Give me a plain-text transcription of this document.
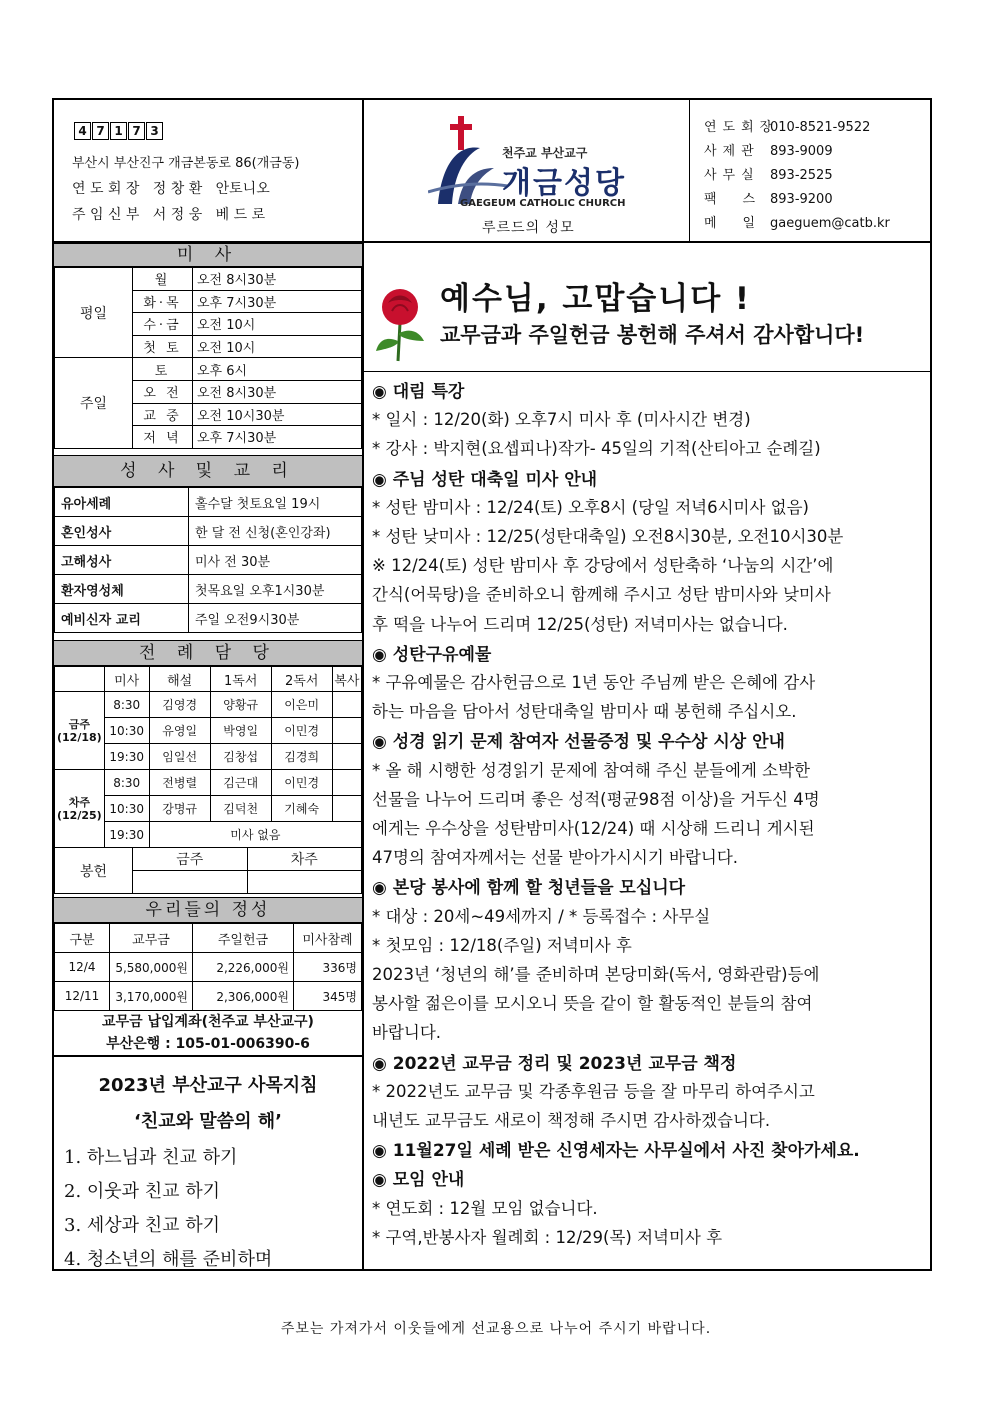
4 7 1 7 3
부산시 부산진구 개금본동로 86(개금동)
연 도 회 장   정 창 환   안토니오
주 임 신 부   서 정 웅   베 드 로
천주교 부산교구
개금성당
GAEGEUM CATHOLIC CHURCH
루르드의 성모
연도회장010-8521-9522
사제관 893-9009
사무실 893-2525
팩스893-9200
메일gaeguem@catb.kr
미 사
평일	월	오전 8시30분
	화·목	오후 7시30분
	수·금	오전 10시
	첫 토	오전 10시
주일	토	오후 6시
	오 전	오전 8시30분
	교 중	오전 10시30분
	저 녁	오후 7시30분
성 사 및 교 리
유아세례	홀수달 첫토요일 19시
혼인성사	한 달 전 신청(혼인강좌)
고해성사	미사 전 30분
환자영성체	첫목요일 오후1시30분
예비신자 교리	주일 오전9시30분
전 례 담 당
	미사	해설	1독서	2독서	복사
금주 (12/18)	8:30	김영경	양황규	이은미	
	10:30	유영일	박영일	이민경	
	19:30	임일선	김창섭	김경희	
차주 (12/25)	8:30	전병렬	김근대	이민경	
	10:30	강명규	김덕천	기혜숙	
	19:30	미사 없음			
봉헌	금주	차주

우리들의 정성
구분	교무금	주일헌금	미사참례
12/4	5,580,000원	2,226,000원	336명
12/11	3,170,000원	2,306,000원	345명
교무금 납입계좌(천주교 부산교구)
부산은행 : 105-01-006390-6
2023년 부산교구 사목지침
‘친교와 말씀의 해’
1. 하느님과 친교 하기
2. 이웃과 친교 하기
3. 세상과 친교 하기
4. 청소년의 해를 준비하며
예수님, 고맙습니다 !
교무금과 주일헌금 봉헌해 주셔서 감사합니다!
◉ 대림 특강
* 일시 : 12/20(화) 오후7시 미사 후 (미사시간 변경)
* 강사 : 박지현(요셉피나)작가- 45일의 기적(산티아고 순례길)
◉ 주님 성탄 대축일 미사 안내
* 성탄 밤미사 : 12/24(토) 오후8시 (당일 저녁6시미사 없음)
* 성탄 낮미사 : 12/25(성탄대축일) 오전8시30분, 오전10시30분
※ 12/24(토) 성탄 밤미사 후 강당에서 성탄축하 ‘나눔의 시간’에
간식(어묵탕)을 준비하오니 함께해 주시고 성탄 밤미사와 낮미사
후 떡을 나누어 드리며 12/25(성탄) 저녁미사는 없습니다.
◉ 성탄구유예물
* 구유예물은 감사헌금으로 1년 동안 주님께 받은 은혜에 감사
하는 마음을 담아서 성탄대축일 밤미사 때 봉헌해 주십시오.
◉ 성경 읽기 문제 참여자 선물증정 및 우수상 시상 안내
* 올 해 시행한 성경읽기 문제에 참여해 주신 분들에게 소박한
선물을 나누어 드리며 좋은 성적(평균98점 이상)을 거두신 4명
에게는 우수상을 성탄밤미사(12/24) 때 시상해 드리니 게시된
47명의 참여자께서는 선물 받아가시시기 바랍니다.
◉ 본당 봉사에 함께 할 청년들을 모십니다
* 대상 : 20세~49세까지 / * 등록접수 : 사무실
* 첫모임 : 12/18(주일) 저녁미사 후
2023년 ‘청년의 해’를 준비하며 본당미화(독서, 영화관람)등에
봉사할 젊은이를 모시오니 뜻을 같이 할 활동적인 분들의 참여
바랍니다.
◉ 2022년 교무금 정리 및 2023년 교무금 책정
* 2022년도 교무금 및 각종후원금 등을 잘 마무리 하여주시고
내년도 교무금도 새로이 책정해 주시면 감사하겠습니다.
◉ 11월27일 세례 받은 신영세자는 사무실에서 사진 찾아가세요.
◉ 모임 안내
* 연도회 : 12월 모임 없습니다.
* 구역,반봉사자 월례회 : 12/29(목) 저녁미사 후
주보는 가져가서 이웃들에게 선교용으로 나누어 주시기 바랍니다.
